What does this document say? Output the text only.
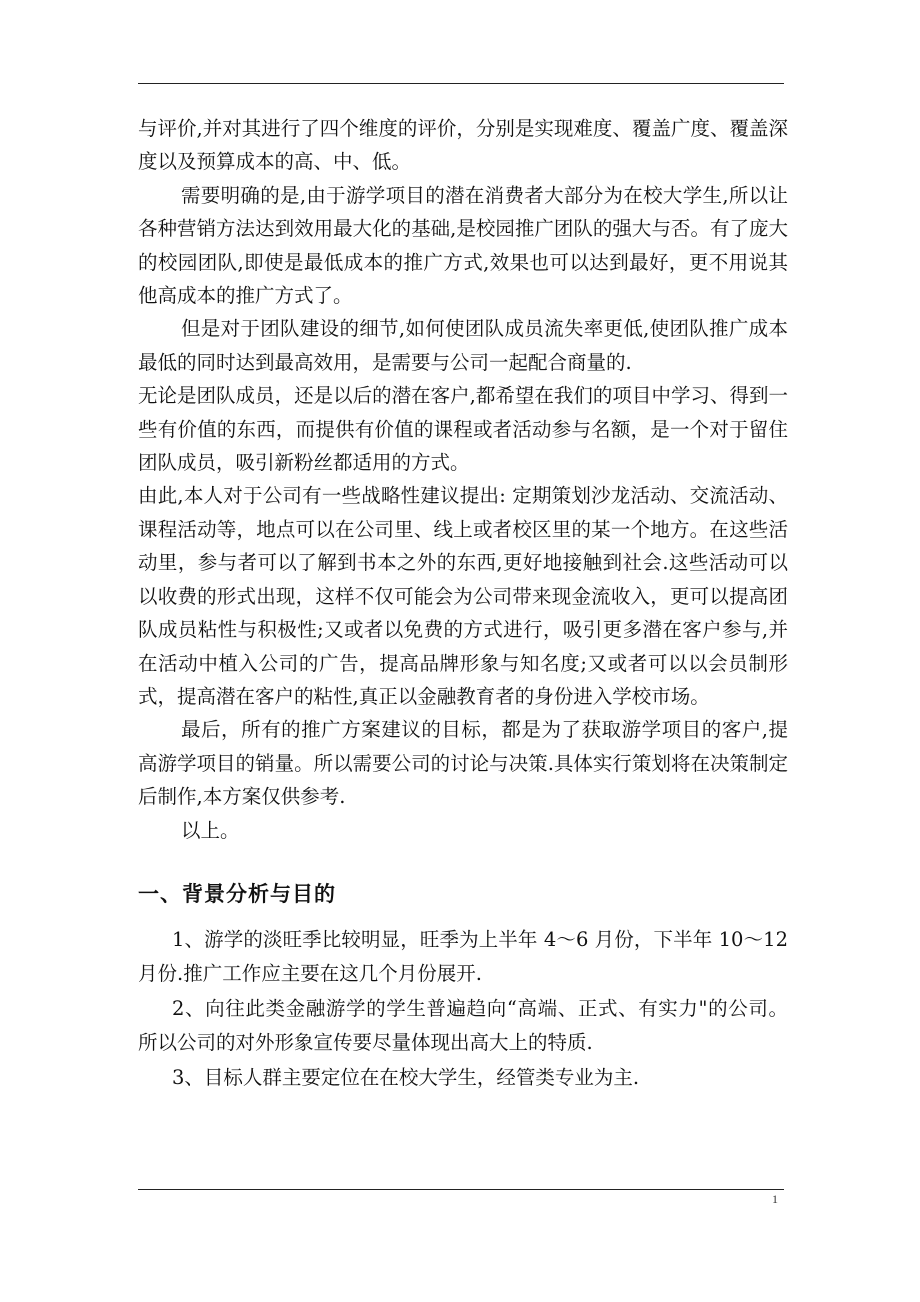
与评价,并对其进行了四个维度的评价，分别是实现难度、覆盖广度、覆盖深度以及预算成本的高、中、低。

需要明确的是,由于游学项目的潜在消费者大部分为在校大学生,所以让各种营销方法达到效用最大化的基础,是校园推广团队的强大与否。有了庞大的校园团队,即使是最低成本的推广方式,效果也可以达到最好，更不用说其他高成本的推广方式了。

但是对于团队建设的细节,如何使团队成员流失率更低,使团队推广成本最低的同时达到最高效用，是需要与公司一起配合商量的.

无论是团队成员，还是以后的潜在客户,都希望在我们的项目中学习、得到一些有价值的东西，而提供有价值的课程或者活动参与名额，是一个对于留住团队成员，吸引新粉丝都适用的方式。

由此,本人对于公司有一些战略性建议提出: 定期策划沙龙活动、交流活动、课程活动等，地点可以在公司里、线上或者校区里的某一个地方。在这些活动里，参与者可以了解到书本之外的东西,更好地接触到社会.这些活动可以以收费的形式出现，这样不仅可能会为公司带来现金流收入，更可以提高团队成员粘性与积极性;又或者以免费的方式进行，吸引更多潜在客户参与,并在活动中植入公司的广告，提高品牌形象与知名度;又或者可以以会员制形式，提高潜在客户的粘性,真正以金融教育者的身份进入学校市场。

最后，所有的推广方案建议的目标，都是为了获取游学项目的客户,提高游学项目的销量。所以需要公司的讨论与决策.具体实行策划将在决策制定后制作,本方案仅供参考.

以上。

一、背景分析与目的

1、游学的淡旺季比较明显，旺季为上半年 4～6 月份，下半年 10～12 月份.推广工作应主要在这几个月份展开.

2、向往此类金融游学的学生普遍趋向“高端、正式、有实力"的公司。所以公司的对外形象宣传要尽量体现出高大上的特质.

3、目标人群主要定位在在校大学生，经管类专业为主.

1
